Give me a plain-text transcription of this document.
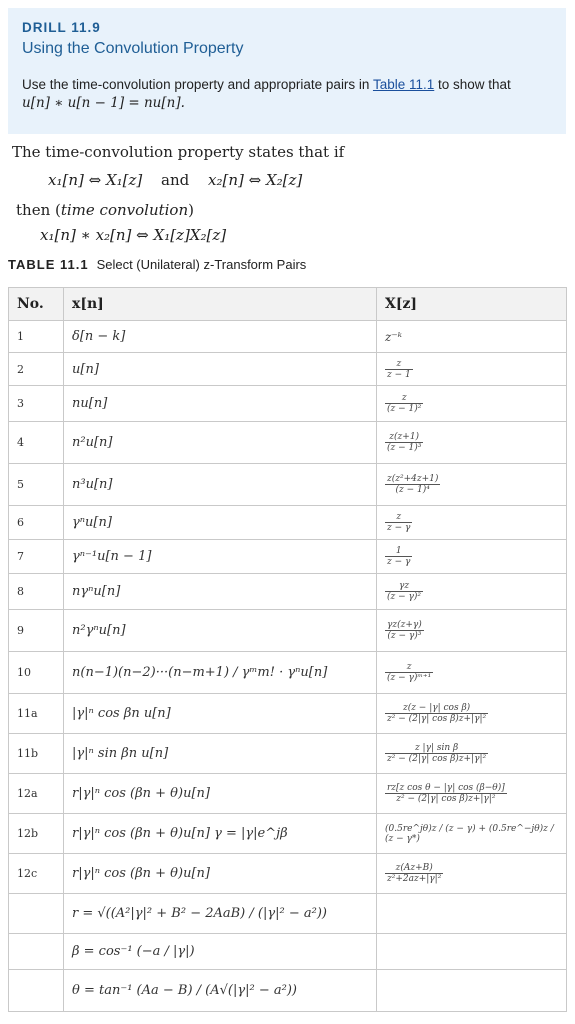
DRILL 11.9
Using the Convolution Property
Use the time-convolution property and appropriate pairs in Table 11.1 to show that
u[n] ∗ u[n − 1] = nu[n].
The time-convolution property states that if
x₁[n] ⇔ X₁[z] and x₂[n] ⇔ X₂[z]
then (time convolution)
x₁[n] ∗ x₂[n] ⇔ X₁[z]X₂[z]
TABLE 11.1 Select (Unilateral) z-Transform Pairs
No.	x[n]	X[z]
1	δ[n − k]	z⁻ᵏ
2	u[n]	$\frac{z}{z - 1}$

3	nu[n]	$\frac{z}{\text{(z − 1)²}}$

4	n²u[n]	$\frac{z(z+1)}{\text{(z − 1)³}}$

5	n³u[n]	$\frac{\text{z(z²+4z+1)}}{\text{(z − 1)⁴}}$

6	γⁿu[n]	$\frac{z}{z - \gamma}$

7	γⁿ⁻¹u[n − 1]	$\frac{1}{z - \gamma}$

8	nγⁿu[n]	$\frac{\gamma z}{\text{(z − γ)²}}$

9	n²γⁿu[n]	$\frac{\gamma z(z+\gamma)}{\text{(z − γ)³}}$

10	n(n−1)(n−2)···(n−m+1) / γᵐm! · γⁿu[n]	$\frac{z}{\text{(z − γ)ᵐ⁺¹}}$

11a	|γ|ⁿ cos βn u[n]	$\frac{\text{z(z − |γ| cos β)}}{\text{z² − (2|γ| cos β)z+|γ|²}}$

11b	|γ|ⁿ sin βn u[n]	$\frac{\text{z |γ| sin β}}{\text{z² − (2|γ| cos β)z+|γ|²}}$

12a	r|γ|ⁿ cos (βn + θ)u[n]	$\frac{\text{rz[z cos θ − |γ| cos (β−θ)]}}{\text{z² − (2|γ| cos β)z+|γ|²}}$

12b	r|γ|ⁿ cos (βn + θ)u[n] γ = |γ|e^jβ	(0.5re^jθ)z / (z − γ) + (0.5re^−jθ)z / (z − γ*)
12c	r|γ|ⁿ cos (βn + θ)u[n]	$\frac{z(Az+B)}{\text{z²+2az+|γ|²}}$

	r = √((A²|γ|² + B² − 2AaB) / (|γ|² − a²))	
	β = cos⁻¹ (−a / |γ|)	
	θ = tan⁻¹ (Aa − B) / (A√(|γ|² − a²))	
